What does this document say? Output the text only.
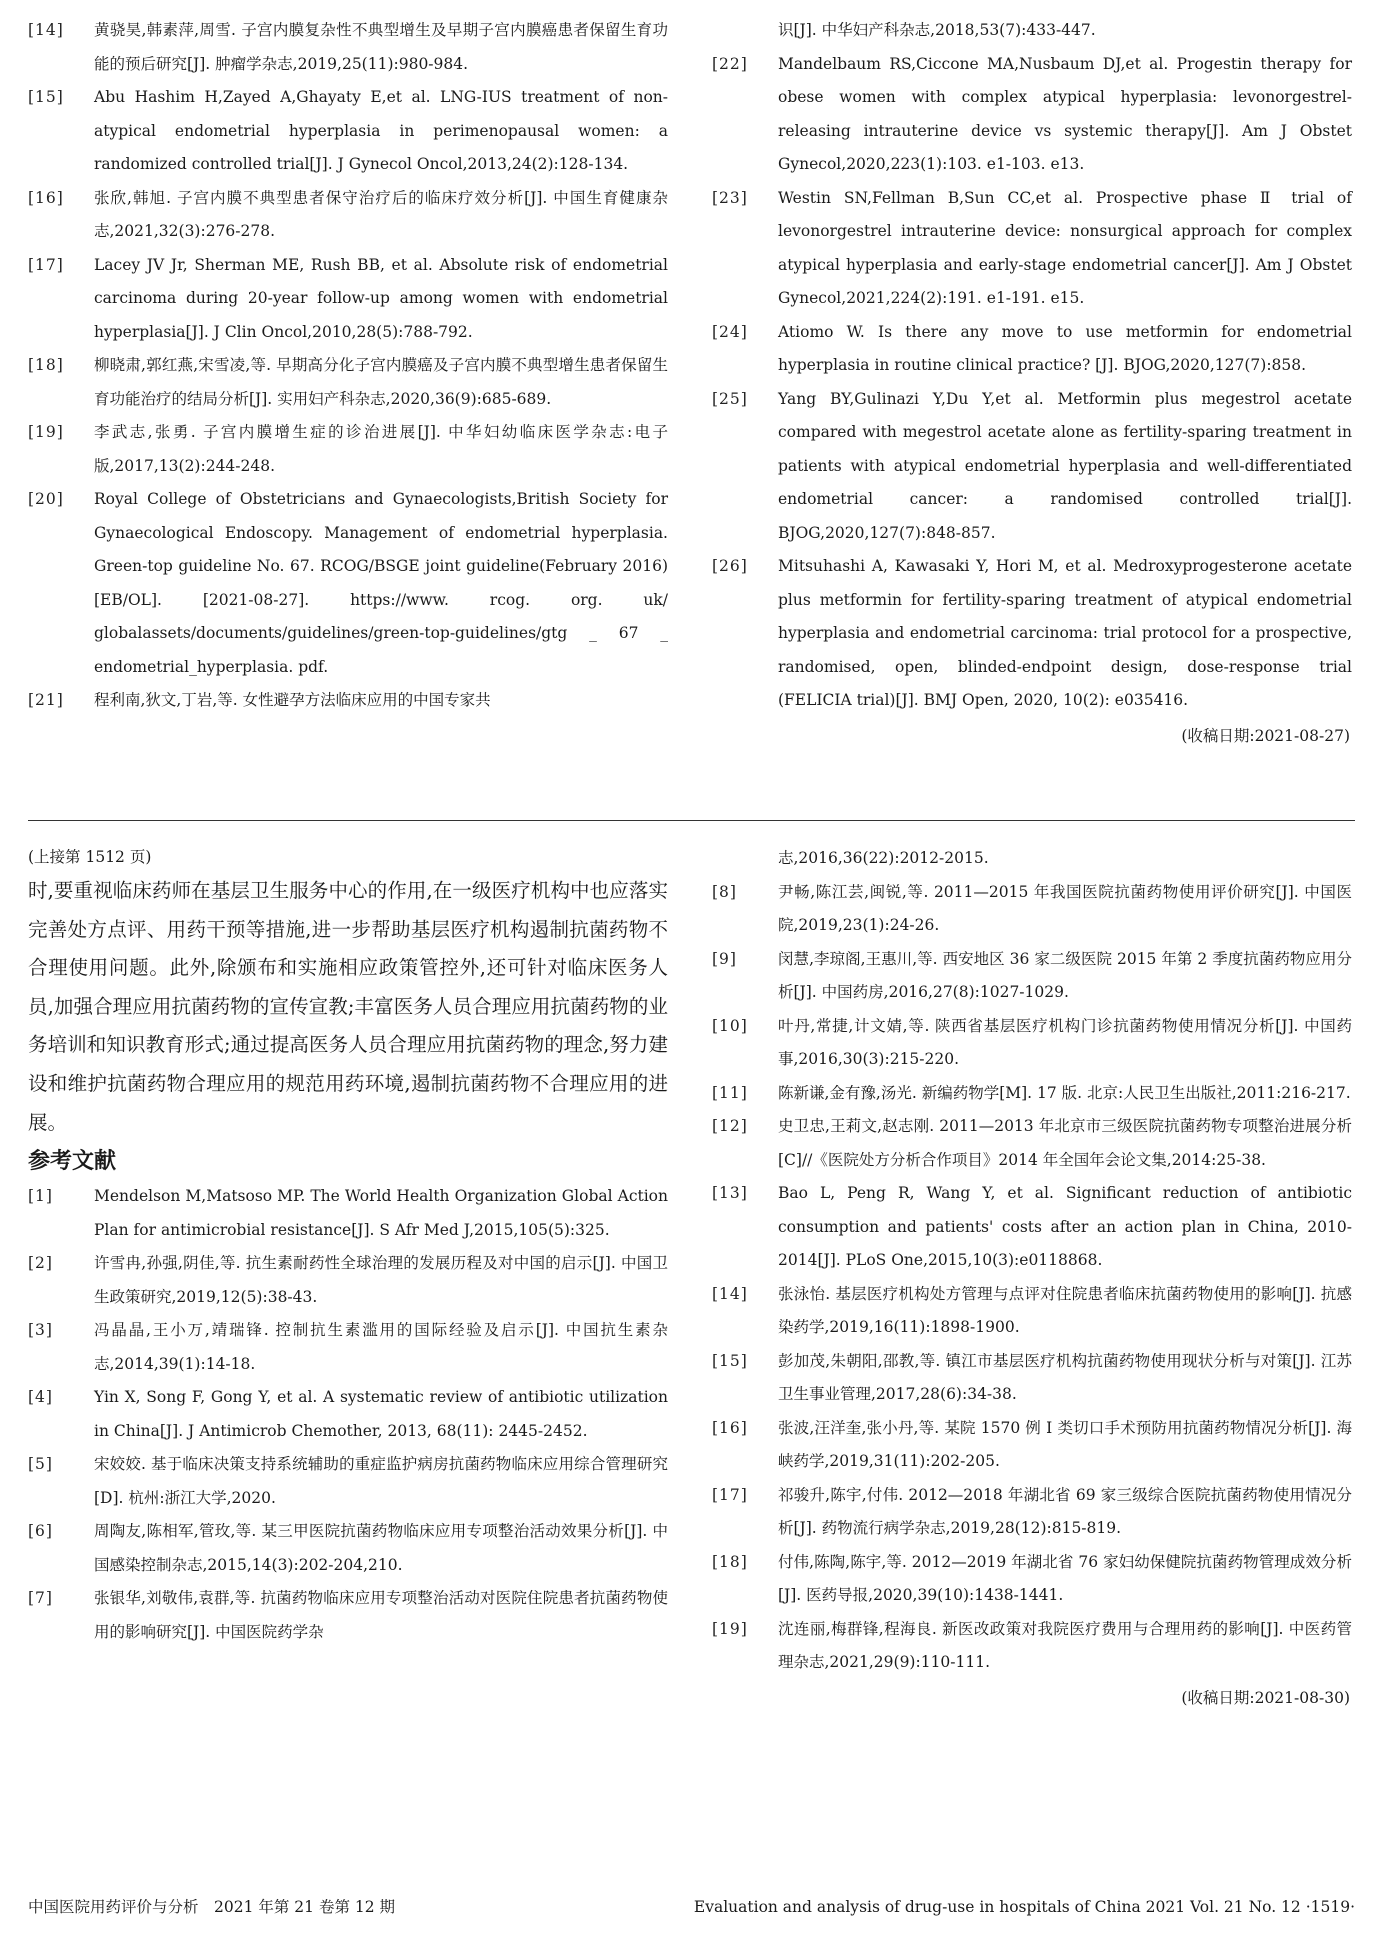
[14]	黄骁昊,韩素萍,周雪. 子宫内膜复杂性不典型增生及早期子宫内膜癌患者保留生育功能的预后研究[J]. 肿瘤学杂志,2019,25(11):980-984.
[15]	Abu Hashim H,Zayed A,Ghayaty E,et al. LNG-IUS treatment of non-atypical endometrial hyperplasia in perimenopausal women: a randomized controlled trial[J]. J Gynecol Oncol,2013,24(2):128-134.
[16]	张欣,韩旭. 子宫内膜不典型患者保守治疗后的临床疗效分析[J]. 中国生育健康杂志,2021,32(3):276-278.
[17]	Lacey JV Jr, Sherman ME, Rush BB, et al. Absolute risk of endometrial carcinoma during 20-year follow-up among women with endometrial hyperplasia[J]. J Clin Oncol,2010,28(5):788-792.
[18]	柳晓肃,郭红燕,宋雪凌,等. 早期高分化子宫内膜癌及子宫内膜不典型增生患者保留生育功能治疗的结局分析[J]. 实用妇产科杂志,2020,36(9):685-689.
[19]	李武志,张勇. 子宫内膜增生症的诊治进展[J]. 中华妇幼临床医学杂志:电子版,2017,13(2):244-248.
[20]	Royal College of Obstetricians and Gynaecologists,British Society for Gynaecological Endoscopy. Management of endometrial hyperplasia. Green-top guideline No. 67. RCOG/BSGE joint guideline(February 2016)[EB/OL]. [2021-08-27]. https://www. rcog. org. uk/ globalassets/documents/guidelines/green-top-guidelines/gtg _ 67 _ endometrial_hyperplasia. pdf.
[21]	程利南,狄文,丁岩,等. 女性避孕方法临床应用的中国专家共
识[J]. 中华妇产科杂志,2018,53(7):433-447.
[22]	Mandelbaum RS,Ciccone MA,Nusbaum DJ,et al. Progestin therapy for obese women with complex atypical hyperplasia: levonorgestrel-releasing intrauterine device vs systemic therapy[J]. Am J Obstet Gynecol,2020,223(1):103. e1-103. e13.
[23]	Westin SN,Fellman B,Sun CC,et al. Prospective phase Ⅱ trial of levonorgestrel intrauterine device: nonsurgical approach for complex atypical hyperplasia and early-stage endometrial cancer[J]. Am J Obstet Gynecol,2021,224(2):191. e1-191. e15.
[24]	Atiomo W. Is there any move to use metformin for endometrial hyperplasia in routine clinical practice? [J]. BJOG,2020,127(7):858.
[25]	Yang BY,Gulinazi Y,Du Y,et al. Metformin plus megestrol acetate compared with megestrol acetate alone as fertility-sparing treatment in patients with atypical endometrial hyperplasia and well-differentiated endometrial cancer: a randomised controlled trial[J]. BJOG,2020,127(7):848-857.
[26]	Mitsuhashi A, Kawasaki Y, Hori M, et al. Medroxyprogesterone acetate plus metformin for fertility-sparing treatment of atypical endometrial hyperplasia and endometrial carcinoma: trial protocol for a prospective, randomised, open, blinded-endpoint design, dose-response trial (FELICIA trial)[J]. BMJ Open, 2020, 10(2): e035416.
(收稿日期:2021-08-27)
(上接第 1512 页)

时,要重视临床药师在基层卫生服务中心的作用,在一级医疗机构中也应落实完善处方点评、用药干预等措施,进一步帮助基层医疗机构遏制抗菌药物不合理使用问题。此外,除颁布和实施相应政策管控外,还可针对临床医务人员,加强合理应用抗菌药物的宣传宣教;丰富医务人员合理应用抗菌药物的业务培训和知识教育形式;通过提高医务人员合理应用抗菌药物的理念,努力建设和维护抗菌药物合理应用的规范用药环境,遏制抗菌药物不合理应用的进展。

参考文献
[1]	Mendelson M,Matsoso MP. The World Health Organization Global Action Plan for antimicrobial resistance[J]. S Afr Med J,2015,105(5):325.
[2]	许雪冉,孙强,阴佳,等. 抗生素耐药性全球治理的发展历程及对中国的启示[J]. 中国卫生政策研究,2019,12(5):38-43.
[3]	冯晶晶,王小万,靖瑞锋. 控制抗生素滥用的国际经验及启示[J]. 中国抗生素杂志,2014,39(1):14-18.
[4]	Yin X, Song F, Gong Y, et al. A systematic review of antibiotic utilization in China[J]. J Antimicrob Chemother, 2013, 68(11): 2445-2452.
[5]	宋姣姣. 基于临床决策支持系统辅助的重症监护病房抗菌药物临床应用综合管理研究[D]. 杭州:浙江大学,2020.
[6]	周陶友,陈相军,管玫,等. 某三甲医院抗菌药物临床应用专项整治活动效果分析[J]. 中国感染控制杂志,2015,14(3):202-204,210.
[7]	张银华,刘敬伟,袁群,等. 抗菌药物临床应用专项整治活动对医院住院患者抗菌药物使用的影响研究[J]. 中国医院药学杂
志,2016,36(22):2012-2015.
[8]	尹畅,陈江芸,闽锐,等. 2011—2015 年我国医院抗菌药物使用评价研究[J]. 中国医院,2019,23(1):24-26.
[9]	闵慧,李琼阁,王惠川,等. 西安地区 36 家二级医院 2015 年第 2 季度抗菌药物应用分析[J]. 中国药房,2016,27(8):1027-1029.
[10]	叶丹,常捷,计文婧,等. 陕西省基层医疗机构门诊抗菌药物使用情况分析[J]. 中国药事,2016,30(3):215-220.
[11]	陈新谦,金有豫,汤光. 新编药物学[M]. 17 版. 北京:人民卫生出版社,2011:216-217.
[12]	史卫忠,王莉文,赵志刚. 2011—2013 年北京市三级医院抗菌药物专项整治进展分析[C]//《医院处方分析合作项目》2014 年全国年会论文集,2014:25-38.
[13]	Bao L, Peng R, Wang Y, et al. Significant reduction of antibiotic consumption and patients' costs after an action plan in China, 2010-2014[J]. PLoS One,2015,10(3):e0118868.
[14]	张泳怡. 基层医疗机构处方管理与点评对住院患者临床抗菌药物使用的影响[J]. 抗感染药学,2019,16(11):1898-1900.
[15]	彭加茂,朱朝阳,邵教,等. 镇江市基层医疗机构抗菌药物使用现状分析与对策[J]. 江苏卫生事业管理,2017,28(6):34-38.
[16]	张波,汪洋奎,张小丹,等. 某院 1570 例 Ⅰ 类切口手术预防用抗菌药物情况分析[J]. 海峡药学,2019,31(11):202-205.
[17]	祁骏升,陈宇,付伟. 2012—2018 年湖北省 69 家三级综合医院抗菌药物使用情况分析[J]. 药物流行病学杂志,2019,28(12):815-819.
[18]	付伟,陈陶,陈宇,等. 2012—2019 年湖北省 76 家妇幼保健院抗菌药物管理成效分析[J]. 医药导报,2020,39(10):1438-1441.
[19]	沈连丽,梅群锋,程海良. 新医改政策对我院医疗费用与合理用药的影响[J]. 中医药管理杂志,2021,29(9):110-111.
(收稿日期:2021-08-30)
中国医院用药评价与分析　2021 年第 21 卷第 12 期	Evaluation and analysis of drug-use in hospitals of China 2021 Vol. 21 No. 12 ·1519·
